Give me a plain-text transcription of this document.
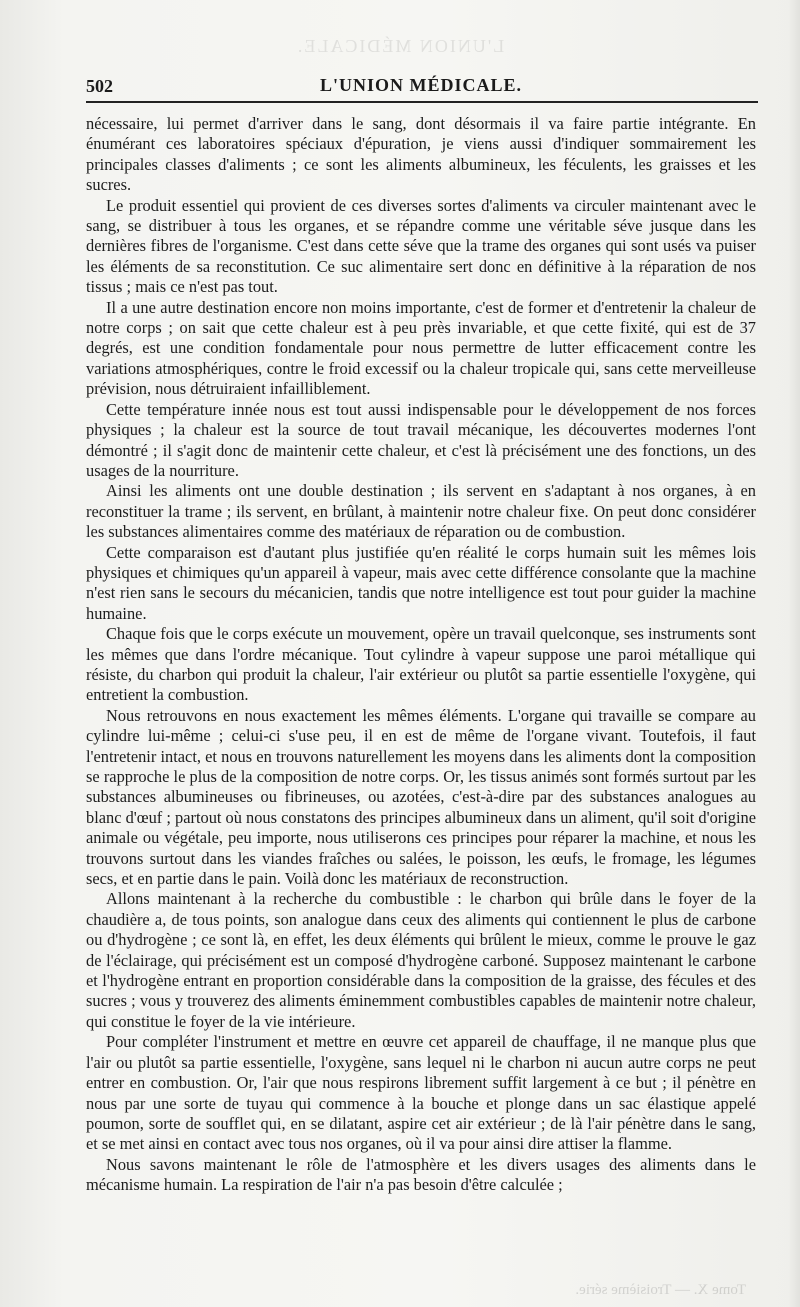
L'UNION MÉDICALE.
502	L'UNION MÉDICALE.

nécessaire, lui permet d'arriver dans le sang, dont désormais il va faire partie intégrante. En énumérant ces laboratoires spéciaux d'épuration, je viens aussi d'indiquer sommairement les principales classes d'aliments ; ce sont les aliments albumineux, les féculents, les graisses et les sucres.

Le produit essentiel qui provient de ces diverses sortes d'aliments va circuler maintenant avec le sang, se distribuer à tous les organes, et se répandre comme une véritable séve jusque dans les dernières fibres de l'organisme. C'est dans cette séve que la trame des organes qui sont usés va puiser les éléments de sa reconstitution. Ce suc alimentaire sert donc en définitive à la réparation de nos tissus ; mais ce n'est pas tout.

Il a une autre destination encore non moins importante, c'est de former et d'entretenir la chaleur de notre corps ; on sait que cette chaleur est à peu près invariable, et que cette fixité, qui est de 37 degrés, est une condition fondamentale pour nous permettre de lutter efficacement contre les variations atmosphériques, contre le froid excessif ou la chaleur tropicale qui, sans cette merveilleuse prévision, nous détruiraient infailliblement.

Cette température innée nous est tout aussi indispensable pour le développement de nos forces physiques ; la chaleur est la source de tout travail mécanique, les découvertes modernes l'ont démontré ; il s'agit donc de maintenir cette chaleur, et c'est là précisément une des fonctions, un des usages de la nourriture.

Ainsi les aliments ont une double destination ; ils servent en s'adaptant à nos organes, à en reconstituer la trame ; ils servent, en brûlant, à maintenir notre chaleur fixe. On peut donc considérer les substances alimentaires comme des matériaux de réparation ou de combustion.

Cette comparaison est d'autant plus justifiée qu'en réalité le corps humain suit les mêmes lois physiques et chimiques qu'un appareil à vapeur, mais avec cette différence consolante que la machine n'est rien sans le secours du mécanicien, tandis que notre intelligence est tout pour guider la machine humaine.

Chaque fois que le corps exécute un mouvement, opère un travail quelconque, ses instruments sont les mêmes que dans l'ordre mécanique. Tout cylindre à vapeur suppose une paroi métallique qui résiste, du charbon qui produit la chaleur, l'air extérieur ou plutôt sa partie essentielle l'oxygène, qui entretient la combustion.

Nous retrouvons en nous exactement les mêmes éléments. L'organe qui travaille se compare au cylindre lui-même ; celui-ci s'use peu, il en est de même de l'organe vivant. Toutefois, il faut l'entretenir intact, et nous en trouvons naturellement les moyens dans les aliments dont la composition se rapproche le plus de la composition de notre corps. Or, les tissus animés sont formés surtout par les substances albumineuses ou fibrineuses, ou azotées, c'est-à-dire par des substances analogues au blanc d'œuf ; partout où nous constatons des principes albumineux dans un aliment, qu'il soit d'origine animale ou végétale, peu importe, nous utiliserons ces principes pour réparer la machine, et nous les trouvons surtout dans les viandes fraîches ou salées, le poisson, les œufs, le fromage, les légumes secs, et en partie dans le pain. Voilà donc les matériaux de reconstruction.

Allons maintenant à la recherche du combustible : le charbon qui brûle dans le foyer de la chaudière a, de tous points, son analogue dans ceux des aliments qui contiennent le plus de carbone ou d'hydrogène ; ce sont là, en effet, les deux éléments qui brûlent le mieux, comme le prouve le gaz de l'éclairage, qui précisément est un composé d'hydrogène carboné. Supposez maintenant le carbone et l'hydrogène entrant en proportion considérable dans la composition de la graisse, des fécules et des sucres ; vous y trouverez des aliments éminemment combustibles capables de maintenir notre chaleur, qui constitue le foyer de la vie intérieure.

Pour compléter l'instrument et mettre en œuvre cet appareil de chauffage, il ne manque plus que l'air ou plutôt sa partie essentielle, l'oxygène, sans lequel ni le charbon ni aucun autre corps ne peut entrer en combustion. Or, l'air que nous respirons librement suffit largement à ce but ; il pénètre en nous par une sorte de tuyau qui commence à la bouche et plonge dans un sac élastique appelé poumon, sorte de soufflet qui, en se dilatant, aspire cet air extérieur ; de là l'air pénètre dans le sang, et se met ainsi en contact avec tous nos organes, où il va pour ainsi dire attiser la flamme.

Nous savons maintenant le rôle de l'atmosphère et les divers usages des aliments dans le mécanisme humain. La respiration de l'air n'a pas besoin d'être calculée ;

Tome X. — Troisième série.
